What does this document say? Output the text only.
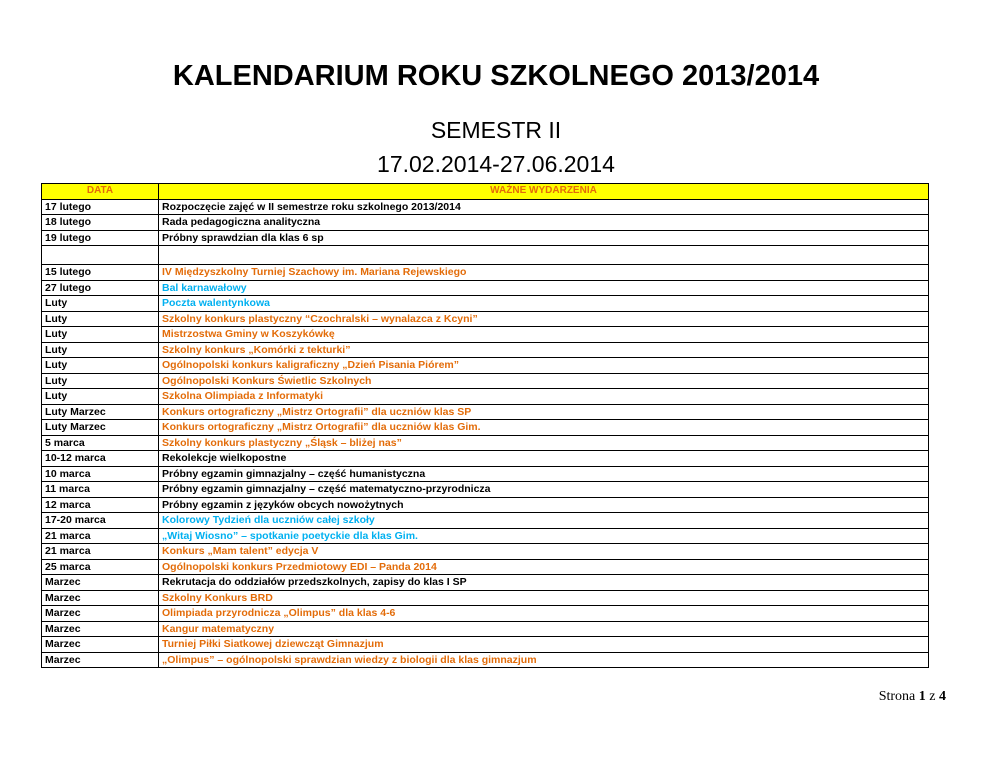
KALENDARIUM ROKU SZKOLNEGO 2013/2014
SEMESTR II
17.02.2014-27.06.2014
DATA	WAŻNE WYDARZENIA
17 lutego	Rozpoczęcie zajęć w II semestrze roku szkolnego 2013/2014
18 lutego	Rada pedagogiczna analityczna
19 lutego	Próbny sprawdzian dla klas 6 sp

15 lutego	IV Międzyszkolny Turniej Szachowy im. Mariana Rejewskiego
27 lutego	Bal karnawałowy
Luty	Poczta walentynkowa
Luty	Szkolny konkurs plastyczny “Czochralski – wynalazca z Kcyni”
Luty	Mistrzostwa Gminy w Koszykówkę
Luty	Szkolny konkurs „Komórki z tekturki”
Luty	Ogólnopolski konkurs kaligraficzny „Dzień Pisania Piórem”
Luty	Ogólnopolski Konkurs Świetlic Szkolnych
Luty	Szkolna Olimpiada z Informatyki
Luty Marzec	Konkurs ortograficzny „Mistrz Ortografii” dla uczniów klas SP
Luty Marzec	Konkurs ortograficzny „Mistrz Ortografii” dla uczniów klas Gim.
5 marca	Szkolny konkurs plastyczny „Śląsk – bliżej nas”
10-12 marca	Rekolekcje wielkopostne
10 marca	Próbny egzamin gimnazjalny – część humanistyczna
11 marca	Próbny egzamin gimnazjalny – część matematyczno-przyrodnicza
12 marca	Próbny egzamin z języków obcych nowożytnych
17-20 marca	Kolorowy Tydzień dla uczniów całej szkoły
21 marca	„Witaj Wiosno” – spotkanie poetyckie dla klas Gim.
21 marca	Konkurs „Mam talent” edycja V
25 marca	Ogólnopolski konkurs Przedmiotowy EDI – Panda 2014
Marzec	Rekrutacja do oddziałów przedszkolnych, zapisy do klas I SP
Marzec	Szkolny Konkurs BRD
Marzec	Olimpiada przyrodnicza „Olimpus” dla klas 4-6
Marzec	Kangur matematyczny
Marzec	Turniej Piłki Siatkowej dziewcząt Gimnazjum
Marzec	„Olimpus” – ogólnopolski sprawdzian wiedzy z biologii dla klas gimnazjum
Strona 1 z 4
